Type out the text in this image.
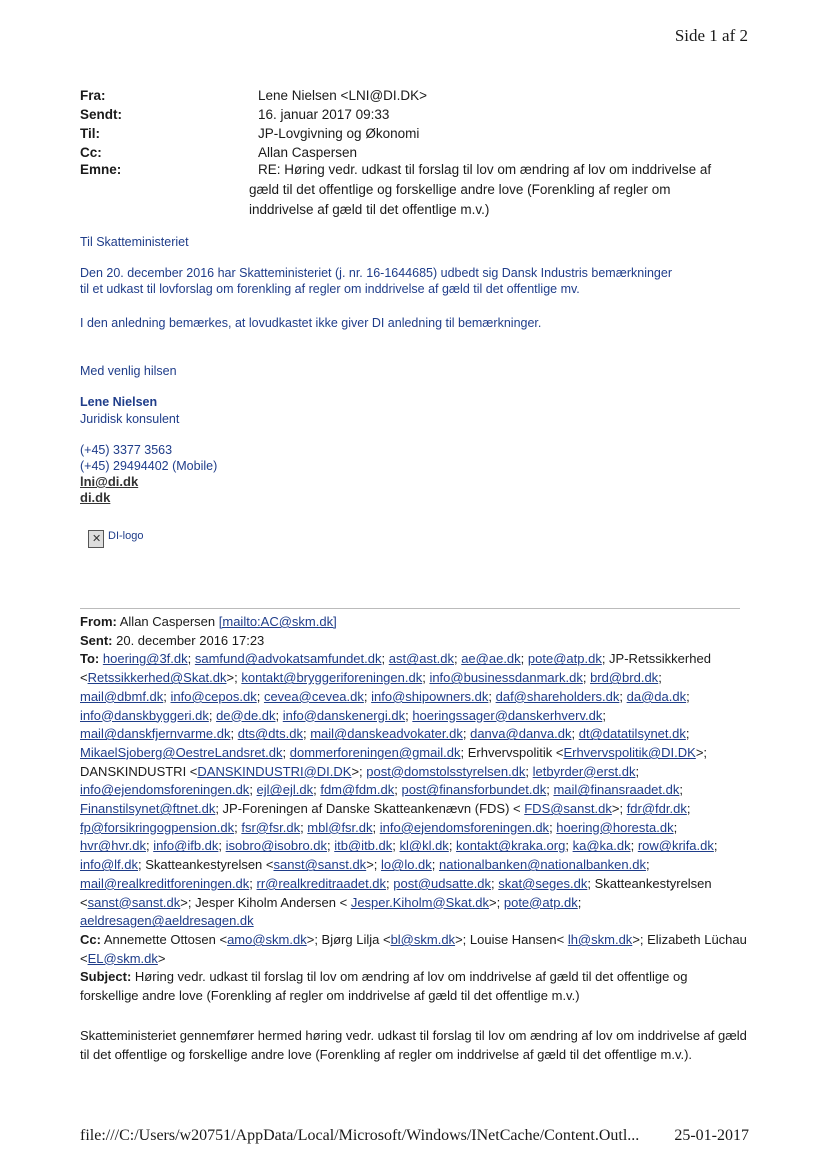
Side 1 af 2
Fra:	Lene Nielsen <LNI@DI.DK>
Sendt:	16. januar 2017 09:33
Til:	JP-Lovgivning og Økonomi
Cc:	Allan Caspersen
Emne:	RE: Høring vedr. udkast til forslag til lov om ændring af lov om inddrivelse af
gæld til det offentlige og forskellige andre love (Forenkling af regler om
inddrivelse af gæld til det offentlige m.v.)
Til Skatteministeriet

Den 20. december 2016 har Skatteministeriet (j. nr. 16-1644685) udbedt sig Dansk Industris bemærkninger

til et udkast til lovforslag om forenkling af regler om inddrivelse af gæld til det offentlige mv.

I den anledning bemærkes, at lovudkastet ikke giver DI anledning til bemærkninger.
Med venlig hilsen
Lene Nielsen
Juridisk konsulent
(+45) 3377 3563
(+45) 29494402 (Mobile)
lni@di.dk
di.dk
✕ DI-logo
From: Allan Caspersen [mailto:AC@skm.dk]
Sent: 20. december 2016 17:23
To: hoering@3f.dk; samfund@advokatsamfundet.dk; ast@ast.dk; ae@ae.dk; pote@atp.dk; JP-Retssikkerhed <Retssikkerhed@Skat.dk>; kontakt@bryggeriforeningen.dk; info@businessdanmark.dk; brd@brd.dk; mail@dbmf.dk; info@cepos.dk; cevea@cevea.dk; info@shipowners.dk; daf@shareholders.dk; da@da.dk; info@danskbyggeri.dk; de@de.dk; info@danskenergi.dk; hoeringssager@danskerhverv.dk; mail@danskfjernvarme.dk; dts@dts.dk; mail@danskeadvokater.dk; danva@danva.dk; dt@datatilsynet.dk; MikaelSjoberg@OestreLandsret.dk; dommerforeningen@gmail.dk; Erhvervspolitik <Erhvervspolitik@DI.DK>; DANSKINDUSTRI <DANSKINDUSTRI@DI.DK>; post@domstolsstyrelsen.dk; letbyrder@erst.dk; info@ejendomsforeningen.dk; ejl@ejl.dk; fdm@fdm.dk; post@finansforbundet.dk; mail@finansraadet.dk; Finanstilsynet@ftnet.dk; JP-Foreningen af Danske Skatteankenævn (FDS) < FDS@sanst.dk>; fdr@fdr.dk; fp@forsikringogpension.dk; fsr@fsr.dk; mbl@fsr.dk; info@ejendomsforeningen.dk; hoering@horesta.dk; hvr@hvr.dk; info@ifb.dk; isobro@isobro.dk; itb@itb.dk; kl@kl.dk; kontakt@kraka.org; ka@ka.dk; row@krifa.dk; info@lf.dk; Skatteankestyrelsen <sanst@sanst.dk>; lo@lo.dk; nationalbanken@nationalbanken.dk; mail@realkreditforeningen.dk; rr@realkreditraadet.dk; post@udsatte.dk; skat@seges.dk; Skatteankestyrelsen <sanst@sanst.dk>; Jesper Kiholm Andersen < Jesper.Kiholm@Skat.dk>; pote@atp.dk; aeldresagen@aeldresagen.dk
Cc: Annemette Ottosen <amo@skm.dk>; Bjørg Lilja <bl@skm.dk>; Louise Hansen< lh@skm.dk>; Elizabeth Lüchau <EL@skm.dk>
Subject: Høring vedr. udkast til forslag til lov om ændring af lov om inddrivelse af gæld til det offentlige og forskellige andre love (Forenkling af regler om inddrivelse af gæld til det offentlige m.v.)
Skatteministeriet gennemfører hermed høring vedr. udkast til forslag til lov om ændring af lov om inddrivelse af gæld til det offentlige og forskellige andre love (Forenkling af regler om inddrivelse af gæld til det offentlige m.v.).
file:///C:/Users/w20751/AppData/Local/Microsoft/Windows/INetCache/Content.Outl... 25-01-2017
